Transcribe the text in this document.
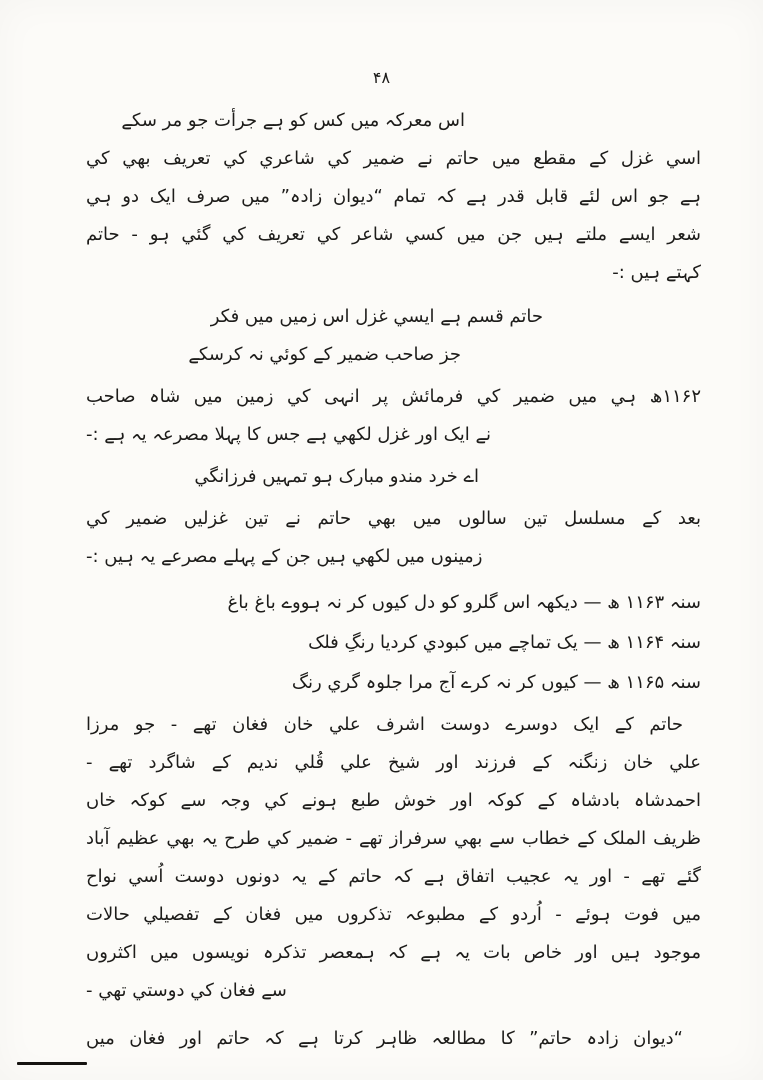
۴۸
اس معرکہ میں کس کو ہے جرأت جو مر سکے
اسي غزل کے مقطع میں حاتم نے ضمیر کي شاعري کي تعریف بھي کي
ہے جو اس لئے قابل قدر ہے کہ تمام “دیوان زادہ” میں صرف ایک دو ہي
شعر ایسے ملتے ہیں جن میں کسي شاعر کي تعریف کي گئي ہو - حاتم
کہتے ہیں :-
حاتم قسم ہے ایسي غزل اس زمیں میں فکر
جز صاحب ضمیر کے کوئي نہ کرسکے
۱۱۶۲ھ ہي میں ضمیر کي فرمائش پر انہی کي زمین میں شاہ صاحب
نے ایک اور غزل لکھي ہے جس کا پہلا مصرعہ یہ ہے :-
اے خرد مندو مبارک ہو تمہیں فرزانگي
بعد کے مسلسل تین سالوں میں بھي حاتم نے تین غزلیں ضمیر کي
زمینوں میں لکھي ہیں جن کے پہلے مصرعے یہ ہیں :-
سنہ ۱۱۶۳ ھ — دیکھہ اس گلرو کو دل کیوں کر نہ ہووے باغ باغ
سنہ ۱۱۶۴ ھ — یک تماچے میں کبودي کردیا رنگِ فلک
سنہ ۱۱۶۵ ھ — کیوں کر نہ کرے آج مرا جلوہ گري رنگ
حاتم کے ایک دوسرے دوست اشرف علي خان فغان تھے - جو مرزا
علي خان زنگنہ کے فرزند اور شیخ علي قُلي ندیم کے شاگرد تھے -
احمدشاہ بادشاہ کے کوکہ اور خوش طبع ہونے کي وجہ سے کوکہ خاں
ظریف الملک کے خطاب سے بھي سرفراز تھے - ضمیر کي طرح یہ بھي عظیم آباد
گئے تھے - اور یہ عجیب اتفاق ہے کہ حاتم کے یہ دونوں دوست اُسي نواح
میں فوت ہوئے - اُردو کے مطبوعہ تذکروں میں فغان کے تفصیلي حالات
موجود ہیں اور خاص بات یہ ہے کہ ہمعصر تذکرہ نویسوں میں اکثروں
سے فغان کي دوستي تھي -
“دیوان زادہ حاتم” کا مطالعہ ظاہر کرتا ہے کہ حاتم اور فغان میں
